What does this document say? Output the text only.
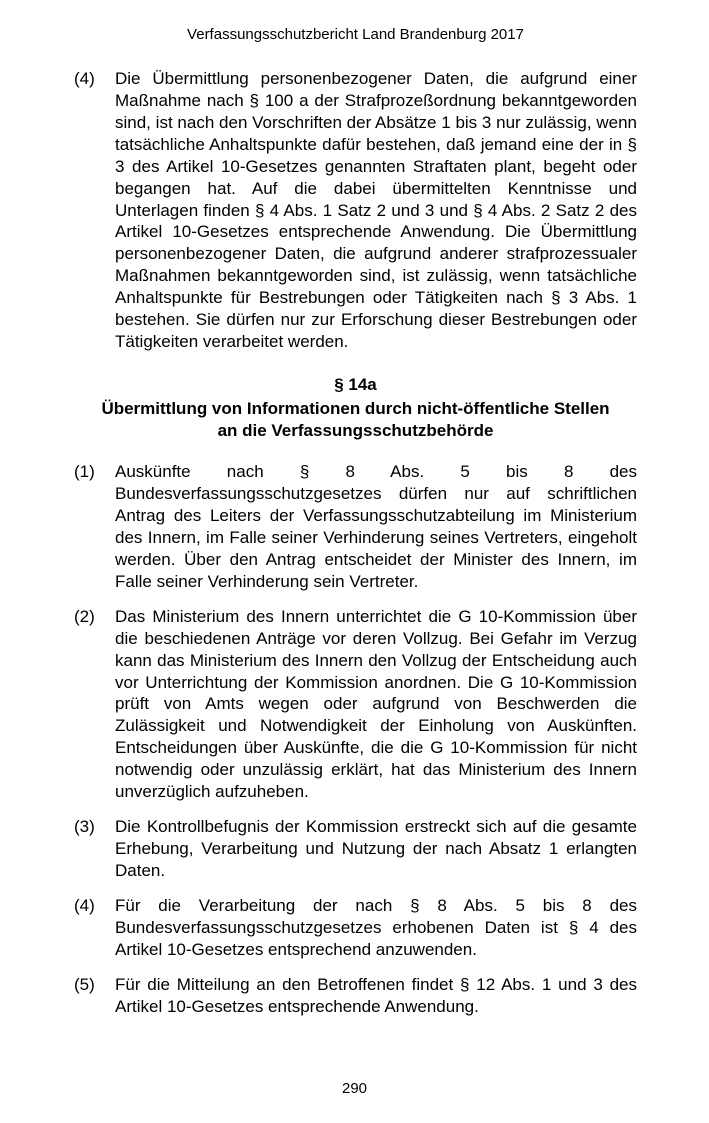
Verfassungsschutzbericht Land Brandenburg 2017
(4)	Die Übermittlung personenbezogener Daten, die aufgrund einer Maßnahme nach § 100 a der Strafprozeßordnung bekanntgeworden sind, ist nach den Vorschriften der Absätze 1 bis 3 nur zulässig, wenn tatsächliche Anhaltspunkte dafür bestehen, daß jemand eine der in § 3 des Artikel 10-Gesetzes genannten Straftaten plant, begeht oder begangen hat. Auf die dabei übermittelten Kenntnisse und Unterlagen finden § 4 Abs. 1 Satz 2 und 3 und § 4 Abs. 2 Satz 2 des Artikel 10-Gesetzes entsprechende Anwendung. Die Übermittlung personenbezogener Daten, die aufgrund anderer strafprozessualer Maßnahmen bekanntgeworden sind, ist zulässig, wenn tatsächliche Anhaltspunkte für Bestrebungen oder Tätigkeiten nach § 3 Abs. 1 bestehen. Sie dürfen nur zur Erforschung dieser Bestrebungen oder Tätigkeiten verarbeitet werden.
§ 14a
Übermittlung von Informationen durch nicht-öffentliche Stellen
an die Verfassungsschutzbehörde
(1)	Auskünfte nach § 8 Abs. 5 bis 8 des Bundesverfassungsschutzgesetzes dürfen nur auf schriftlichen Antrag des Leiters der Verfassungsschutzabteilung im Ministerium des Innern, im Falle seiner Verhinderung seines Vertreters, eingeholt werden. Über den Antrag entscheidet der Minister des Innern, im Falle seiner Verhinderung sein Vertreter.
(2)	Das Ministerium des Innern unterrichtet die G 10-Kommission über die beschiedenen Anträge vor deren Vollzug. Bei Gefahr im Verzug kann das Ministerium des Innern den Vollzug der Entscheidung auch vor Unterrichtung der Kommission anordnen. Die G 10-Kommission prüft von Amts wegen oder aufgrund von Beschwerden die Zulässigkeit und Notwendigkeit der Einholung von Auskünften. Entscheidungen über Auskünfte, die die G 10-Kommission für nicht notwendig oder unzulässig erklärt, hat das Ministerium des Innern unverzüglich aufzuheben.
(3)	Die Kontrollbefugnis der Kommission erstreckt sich auf die gesamte Erhebung, Verarbeitung und Nutzung der nach Absatz 1 erlangten Daten.
(4)	Für die Verarbeitung der nach § 8 Abs. 5 bis 8 des Bundesverfassungsschutzgesetzes erhobenen Daten ist § 4 des Artikel 10-Gesetzes entsprechend anzuwenden.
(5)	Für die Mitteilung an den Betroffenen findet § 12 Abs. 1 und 3 des Artikel 10-Gesetzes entsprechende Anwendung.
290
